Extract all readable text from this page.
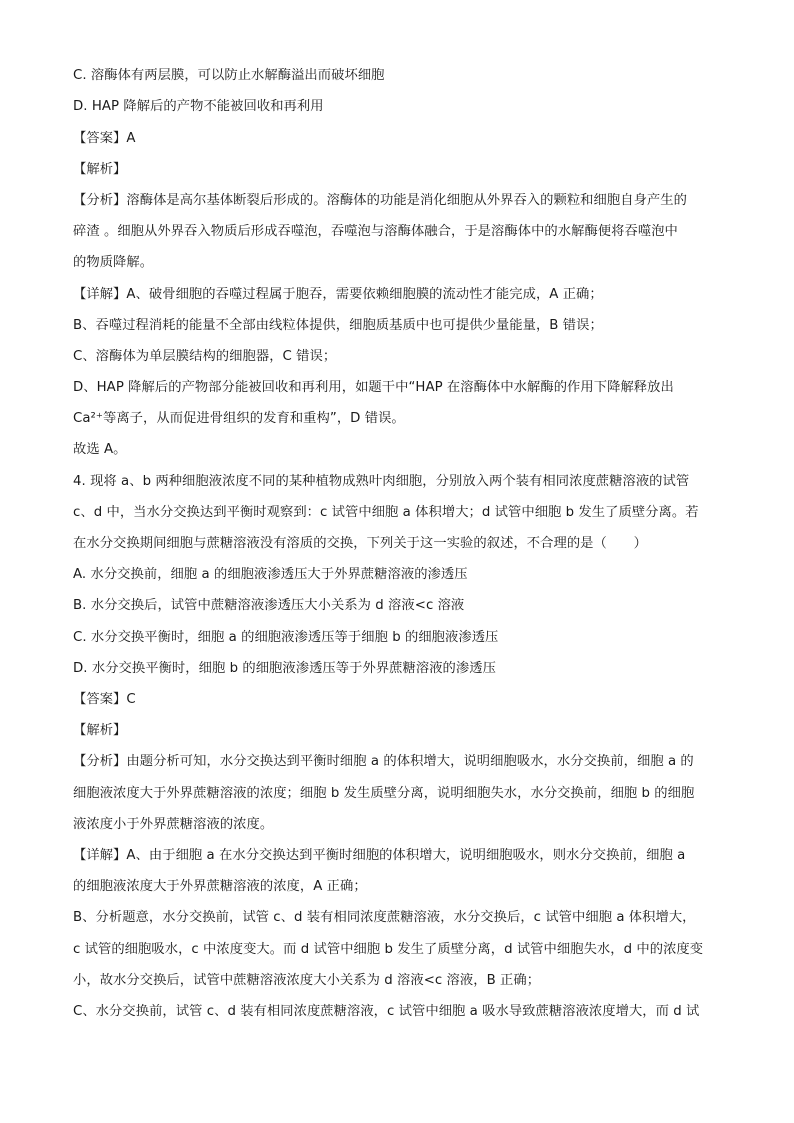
C. 溶酶体有两层膜，可以防止水解酶溢出而破坏细胞
D. HAP 降解后的产物不能被回收和再利用
【答案】A
【解析】
【分析】溶酶体是高尔基体断裂后形成的。溶酶体的功能是消化细胞从外界吞入的颗粒和细胞自身产生的
碎渣 。细胞从外界吞入物质后形成吞噬泡，吞噬泡与溶酶体融合，于是溶酶体中的水解酶便将吞噬泡中
的物质降解。
【详解】A、破骨细胞的吞噬过程属于胞吞，需要依赖细胞膜的流动性才能完成，A 正确；
B、吞噬过程消耗的能量不全部由线粒体提供，细胞质基质中也可提供少量能量，B 错误；
C、溶酶体为单层膜结构的细胞器，C 错误；
D、HAP 降解后的产物部分能被回收和再利用，如题干中“HAP 在溶酶体中水解酶的作用下降解释放出
Ca²⁺等离子，从而促进骨组织的发育和重构”，D 错误。
故选 A。
4. 现将 a、b 两种细胞液浓度不同的某种植物成熟叶肉细胞，分别放入两个装有相同浓度蔗糖溶液的试管
c、d 中，当水分交换达到平衡时观察到：c 试管中细胞 a 体积增大；d 试管中细胞 b 发生了质壁分离。若
在水分交换期间细胞与蔗糖溶液没有溶质的交换，下列关于这一实验的叙述，不合理的是（　　）
A. 水分交换前，细胞 a 的细胞液渗透压大于外界蔗糖溶液的渗透压
B. 水分交换后，试管中蔗糖溶液渗透压大小关系为 d 溶液<c 溶液
C. 水分交换平衡时，细胞 a 的细胞液渗透压等于细胞 b 的细胞液渗透压
D. 水分交换平衡时，细胞 b 的细胞液渗透压等于外界蔗糖溶液的渗透压
【答案】C
【解析】
【分析】由题分析可知，水分交换达到平衡时细胞 a 的体积增大，说明细胞吸水，水分交换前，细胞 a 的
细胞液浓度大于外界蔗糖溶液的浓度；细胞 b 发生质壁分离，说明细胞失水，水分交换前，细胞 b 的细胞
液浓度小于外界蔗糖溶液的浓度。
【详解】A、由于细胞 a 在水分交换达到平衡时细胞的体积增大，说明细胞吸水，则水分交换前，细胞 a
的细胞液浓度大于外界蔗糖溶液的浓度，A 正确；
B、分析题意，水分交换前，试管 c、d 装有相同浓度蔗糖溶液，水分交换后，c 试管中细胞 a 体积增大，
c 试管的细胞吸水，c 中浓度变大。而 d 试管中细胞 b 发生了质壁分离，d 试管中细胞失水，d 中的浓度变
小，故水分交换后，试管中蔗糖溶液浓度大小关系为 d 溶液<c 溶液，B 正确；
C、水分交换前，试管 c、d 装有相同浓度蔗糖溶液，c 试管中细胞 a 吸水导致蔗糖溶液浓度增大，而 d 试
